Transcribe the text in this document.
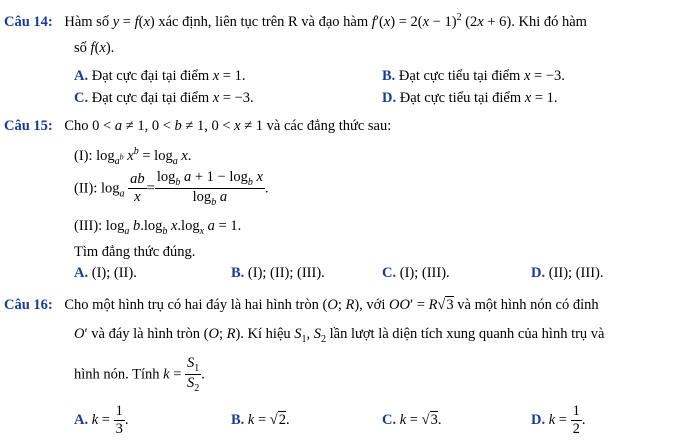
Câu 14: Hàm số y = f(x) xác định, liên tục trên R và đạo hàm $f'(x) = 2(x - 1)^2$ (2x + 6). Khi đó hàm
số f(x).
A. Đạt cực đại tại điểm x = 1.	B. Đạt cực tiểu tại điểm x = −3.
C. Đạt cực đại tại điểm x = −3.	D. Đạt cực tiểu tại điểm x = 1.
Câu 15: Cho 0 < a ≠ 1, 0 < b ≠ 1, 0 < x ≠ 1 và các đẳng thức sau:
(I): $\log_{a^b} x^b = \log_a x$.
(II): $\log_a \frac{ab}{x} = \frac{\log_b a + 1 - \log_b x}{\log_b a}$ .
(III): $\log_a b.\log_b$ $x.\log_x$ a = 1.
Tìm đẳng thức đúng.
A. (I); (II).	B. (I); (II); (III).	C. (I); (III).	D. (II); (III).
Câu 16: Cho một hình trụ có hai đáy là hai hình tròn (O; R), với OO′ = R√3 và một hình nón có đỉnh
O′ và đáy là hình tròn (O; R). Kí hiệu $S_1$, $S_2$ lần lượt là diện tích xung quanh của hình trụ và
hình nón. Tính $k = \frac{S_1}{S_2}$ .
A. $k = \frac{1}{3}$ .	B. k = √2.	C. k = √3.	D. $k = \frac{1}{2}$ .
